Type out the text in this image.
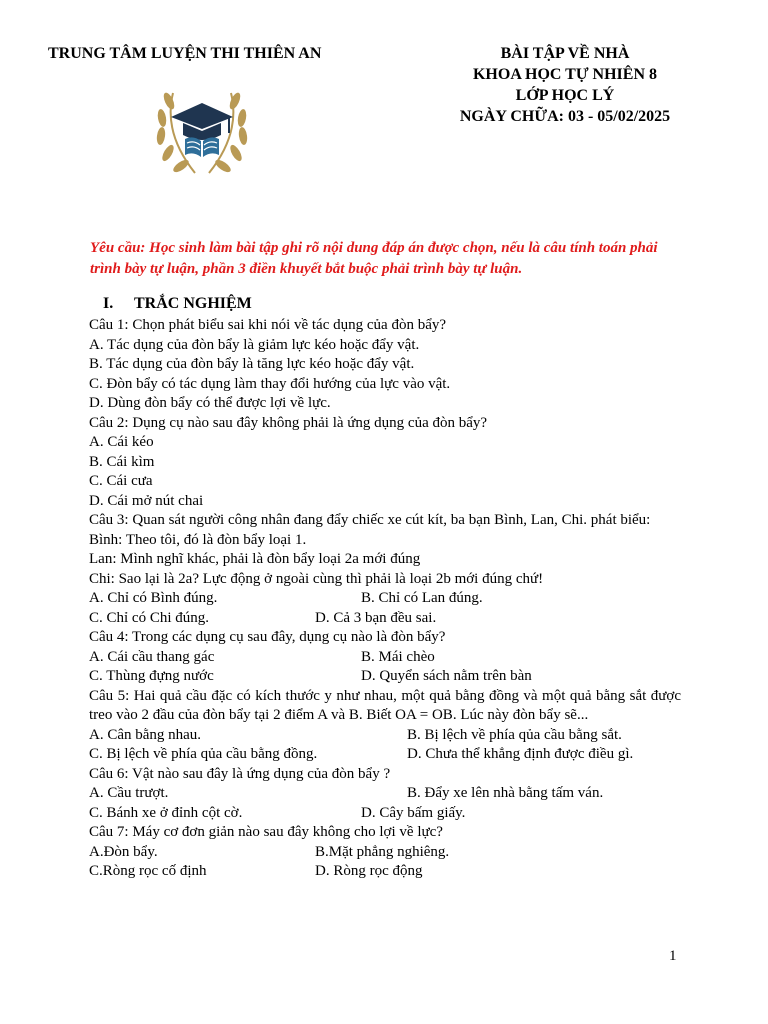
TRUNG TÂM LUYỆN THI THIÊN AN	BÀI TẬP VỀ NHÀ
KHOA HỌC TỰ NHIÊN 8
LỚP HỌC LÝ
NGÀY CHỮA: 03 - 05/02/2025
Yêu cầu: Học sinh làm bài tập ghi rõ nội dung đáp án được chọn, nếu là câu tính toán phải trình bày tự luận, phần 3 điền khuyết bắt buộc phải trình bày tự luận.
I. TRẮC NGHIỆM
Câu 1: Chọn phát biểu sai khi nói về tác dụng của đòn bẩy?
A. Tác dụng của đòn bẩy là giảm lực kéo hoặc đẩy vật.
B. Tác dụng của đòn bẩy là tăng lực kéo hoặc đẩy vật.
C. Đòn bẩy có tác dụng làm thay đổi hướng của lực vào vật.
D. Dùng đòn bẩy có thể được lợi về lực.
Câu 2: Dụng cụ nào sau đây không phải là ứng dụng của đòn bẩy?
A. Cái kéo
B. Cái kìm
C. Cái cưa
D. Cái mở nút chai
Câu 3: Quan sát người công nhân đang đẩy chiếc xe cút kít, ba bạn Bình, Lan, Chi. phát biểu:
Bình: Theo tôi, đó là đòn bẩy loại 1.
Lan: Mình nghĩ khác, phải là đòn bẩy loại 2a mới đúng
Chi: Sao lại là 2a? Lực động ở ngoài cùng thì phải là loại 2b mới đúng chứ!
A. Chỉ có Bình đúng.	B. Chỉ có Lan đúng.
C. Chỉ có Chi đúng.	D. Cả 3 bạn đều sai.
Câu 4: Trong các dụng cụ sau đây, dụng cụ nào là đòn bẩy?
A. Cái cầu thang gác	B. Mái chèo
C. Thùng đựng nước	D. Quyển sách nằm trên bàn
Câu 5: Hai quả cầu đặc có kích thước y như nhau, một quả bằng đồng và một quả bằng sắt được treo vào 2 đầu của đòn bẩy tại 2 điểm A và B. Biết OA = OB. Lúc này đòn bẩy sẽ...
A. Cân bằng nhau.	B. Bị lệch về phía qủa cầu bằng sắt.
C. Bị lệch về phía qủa cầu bằng đồng.	D. Chưa thể khẳng định được điều gì.
Câu 6: Vật nào sau đây là ứng dụng của đòn bẩy ?
A. Cầu trượt.	B. Đẩy xe lên nhà bằng tấm ván.
C. Bánh xe ở đỉnh cột cờ.	D. Cây bấm giấy.
Câu 7: Máy cơ đơn giản nào sau đây không cho lợi về lực?
A.Đòn bẩy.	B.Mặt phẳng nghiêng.
C.Ròng rọc cố định	D. Ròng rọc động
1
